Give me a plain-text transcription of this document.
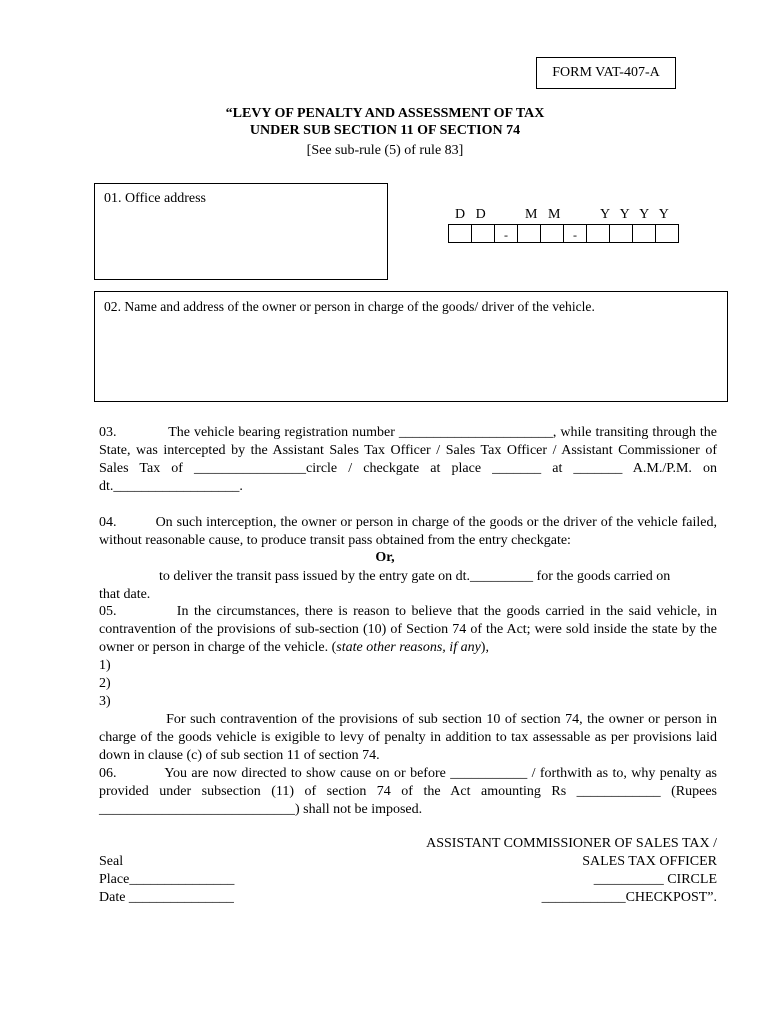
FORM VAT-407-A
“LEVY OF PENALTY AND ASSESSMENT OF TAX
UNDER SUB SECTION 11 OF SECTION 74
[See sub-rule (5) of rule 83]
01. Office address
D   D	M   M	Y   Y   Y   Y
-	-
02. Name and address of the owner or person in charge of the goods/ driver of the vehicle.
03.             The vehicle bearing registration number ______________________, while transiting through the State, was intercepted by the Assistant Sales Tax Officer / Sales Tax Officer / Assistant Commissioner of Sales Tax of ________________circle / checkgate at place _______ at _______ A.M./P.M. on dt.__________________.
04.          On such interception, the owner or person in charge of the goods or the driver of the vehicle failed, without reasonable cause, to produce transit pass obtained from the entry checkgate:
Or,
to deliver the transit pass issued by the entry gate on dt._________ for the goods carried on
that date.
05.           In the circumstances, there is reason to believe that the goods carried in the said vehicle, in contravention of the provisions of sub-section (10) of Section 74 of the Act; were sold inside the state by the owner or person in charge of the vehicle. (state other reasons, if any),
1)
2)
3)
For such contravention of the provisions of sub section 10 of section 74, the owner or person in charge of the goods vehicle is exigible to levy of penalty in addition to tax assessable as per provisions laid down in clause (c) of sub section 11 of section 74.
06.           You are now directed to show cause on or before ___________ / forthwith as to, why penalty as provided under subsection (11) of section 74 of the Act amounting Rs ____________ (Rupees ____________________________) shall not be imposed.
ASSISTANT COMMISSIONER OF SALES TAX /
SALES TAX OFFICER
__________ CIRCLE
____________CHECKPOST”.
Seal
Place_______________
Date _______________
